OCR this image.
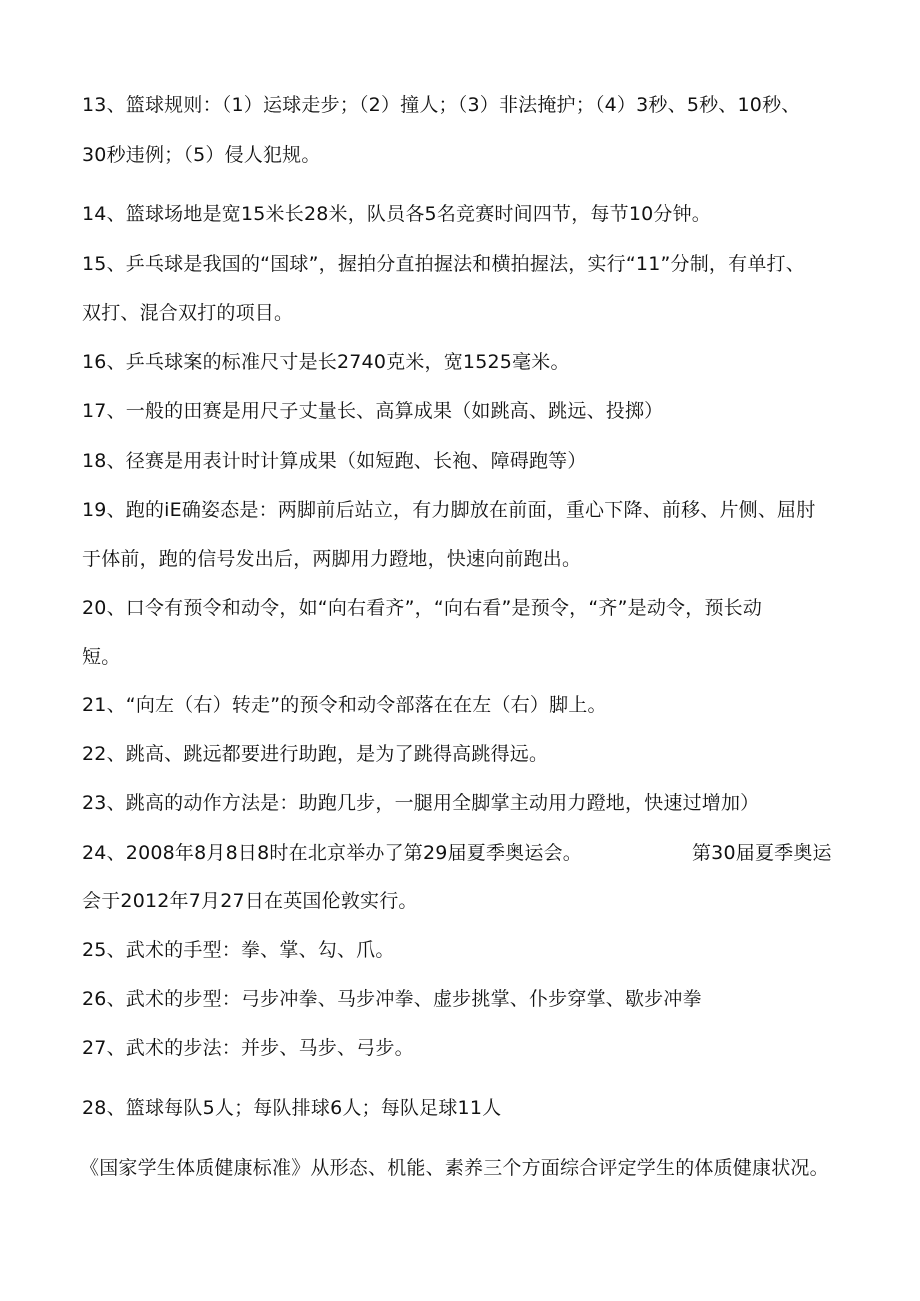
13、篮球规则：（1）运球走步；（2）撞人；（3）非法掩护；（4）3秒、5秒、10秒、
30秒违例；（5）侵人犯规。
14、篮球场地是宽15米长28米，队员各5名竞赛时间四节，每节10分钟。
15、乒乓球是我国的“国球”，握拍分直拍握法和横拍握法，实行“11”分制，有单打、
双打、混合双打的项目。
16、乒乓球案的标准尺寸是长2740克米，宽1525毫米。
17、一般的田赛是用尺子丈量长、高算成果（如跳高、跳远、投掷）
18、径赛是用表计时计算成果（如短跑、长袍、障碍跑等）
19、跑的iE确姿态是：两脚前后站立，有力脚放在前面，重心下降、前移、片侧、屈肘
于体前，跑的信号发出后，两脚用力蹬地，快速向前跑出。
20、口令有预令和动令，如“向右看齐”，“向右看”是预令，“齐”是动令，预长动
短。
21、“向左（右）转走”的预令和动令部落在在左（右）脚上。
22、跳高、跳远都要进行助跑，是为了跳得高跳得远。
23、跳高的动作方法是：助跑几步，一腿用全脚掌主动用力蹬地，快速过增加）
24、2008年8月8日8时在北京举办了第29届夏季奥运会。	第30届夏季奥运
会于2012年7月27日在英国伦敦实行。
25、武术的手型：拳、掌、勾、爪。
26、武术的步型：弓步冲拳、马步冲拳、虚步挑掌、仆步穿掌、歇步冲拳
27、武术的步法：并步、马步、弓步。
28、篮球每队5人；每队排球6人；每队足球11人
《国家学生体质健康标准》从形态、机能、素养三个方面综合评定学生的体质健康状况。
